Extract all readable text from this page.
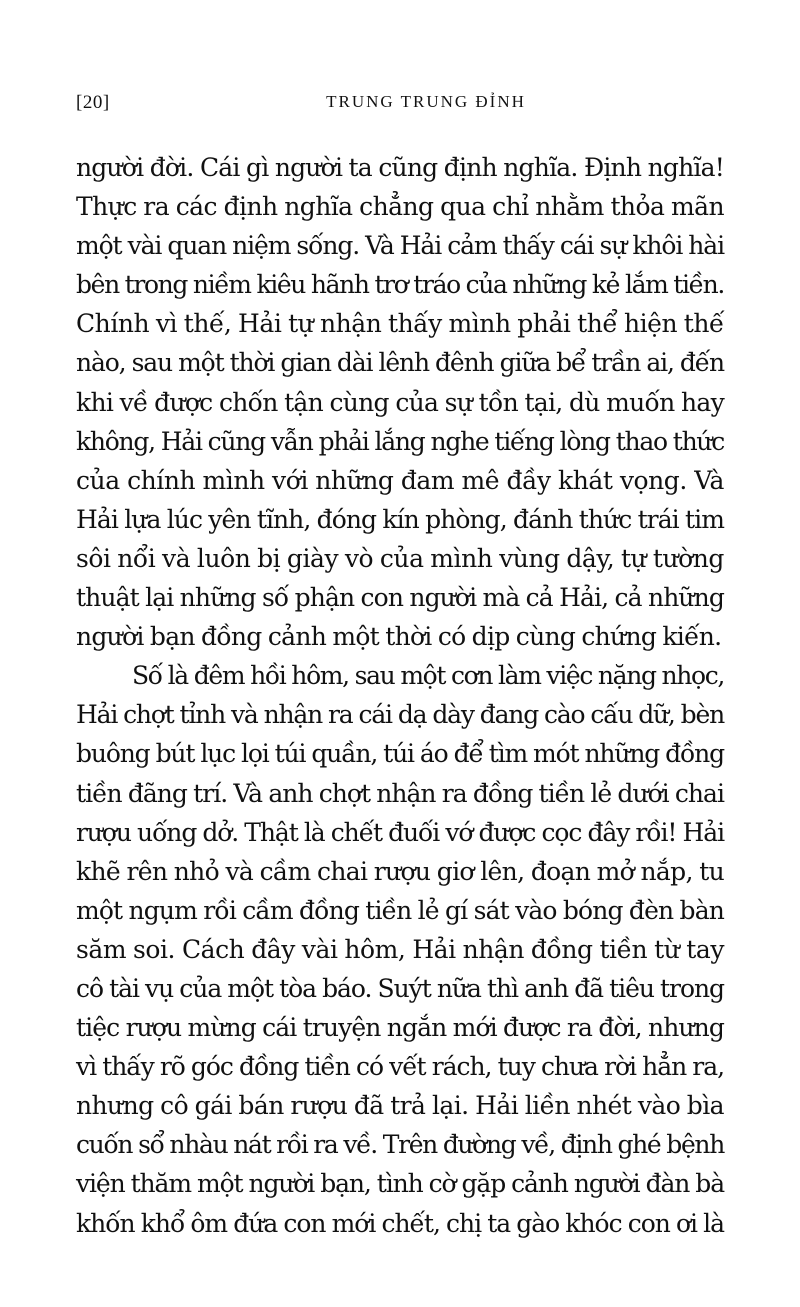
[20]	TRUNG TRUNG ĐỈNH
người đời. Cái gì người ta cũng định nghĩa. Định nghĩa!
Thực ra các định nghĩa chẳng qua chỉ nhằm thỏa mãn
một vài quan niệm sống. Và Hải cảm thấy cái sự khôi hài
bên trong niềm kiêu hãnh trơ tráo của những kẻ lắm tiền.
Chính vì thế, Hải tự nhận thấy mình phải thể hiện thế
nào, sau một thời gian dài lênh đênh giữa bể trần ai, đến
khi về được chốn tận cùng của sự tồn tại, dù muốn hay
không, Hải cũng vẫn phải lắng nghe tiếng lòng thao thức
của chính mình với những đam mê đầy khát vọng. Và
Hải lựa lúc yên tĩnh, đóng kín phòng, đánh thức trái tim
sôi nổi và luôn bị giày vò của mình vùng dậy, tự tường
thuật lại những số phận con người mà cả Hải, cả những
người bạn đồng cảnh một thời có dịp cùng chứng kiến.
Số là đêm hồi hôm, sau một cơn làm việc nặng nhọc,
Hải chợt tỉnh và nhận ra cái dạ dày đang cào cấu dữ, bèn
buông bút lục lọi túi quần, túi áo để tìm mót những đồng
tiền đãng trí. Và anh chợt nhận ra đồng tiền lẻ dưới chai
rượu uống dở. Thật là chết đuối vớ được cọc đây rồi! Hải
khẽ rên nhỏ và cầm chai rượu giơ lên, đoạn mở nắp, tu
một ngụm rồi cầm đồng tiền lẻ gí sát vào bóng đèn bàn
săm soi. Cách đây vài hôm, Hải nhận đồng tiền từ tay
cô tài vụ của một tòa báo. Suýt nữa thì anh đã tiêu trong
tiệc rượu mừng cái truyện ngắn mới được ra đời, nhưng
vì thấy rõ góc đồng tiền có vết rách, tuy chưa rời hẳn ra,
nhưng cô gái bán rượu đã trả lại. Hải liền nhét vào bìa
cuốn sổ nhàu nát rồi ra về. Trên đường về, định ghé bệnh
viện thăm một người bạn, tình cờ gặp cảnh người đàn bà
khốn khổ ôm đứa con mới chết, chị ta gào khóc con ơi là
